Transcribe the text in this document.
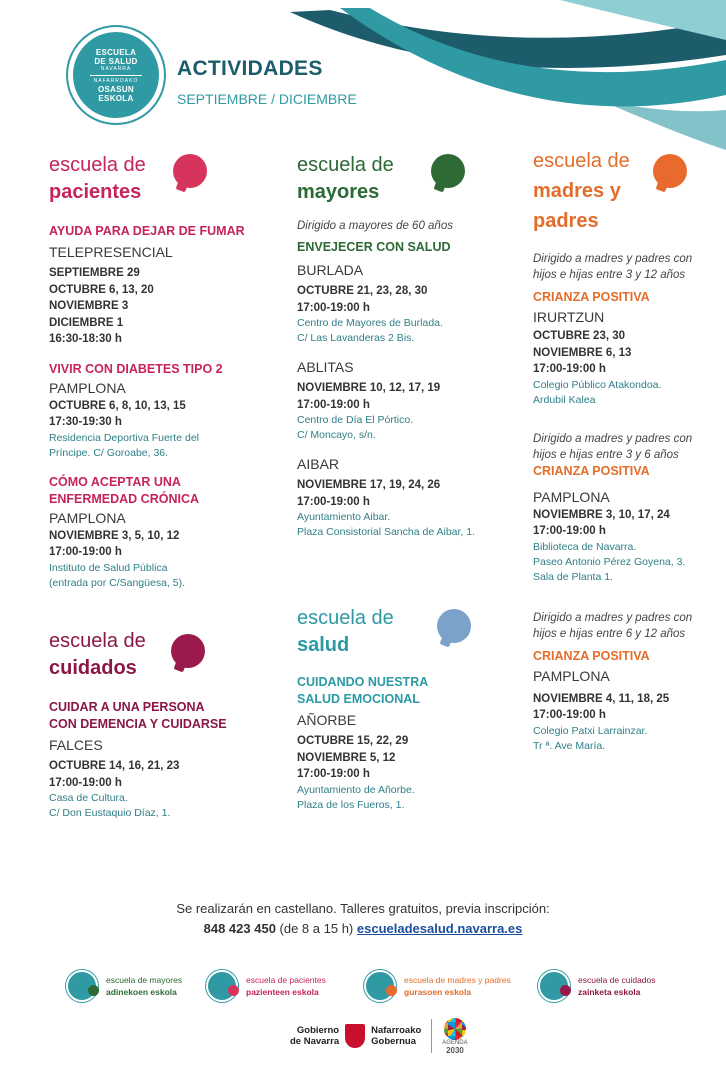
ESCUELA
DE SALUD
NAVARRA
NAFARROAKO
OSASUN
ESKOLA
ACTIVIDADES
SEPTIEMBRE / DICIEMBRE
escuela de
pacientes
AYUDA PARA DEJAR DE FUMAR
TELEPRESENCIAL
SEPTIEMBRE 29
OCTUBRE 6, 13, 20
NOVIEMBRE 3
DICIEMBRE 1
16:30-18:30 h
VIVIR CON DIABETES TIPO 2
PAMPLONA
OCTUBRE 6, 8, 10, 13, 15
17:30-19:30 h
Residencia Deportiva Fuerte del
Príncipe. C/ Goroabe, 36.
CÓMO ACEPTAR UNA
ENFERMEDAD CRÓNICA
PAMPLONA
NOVIEMBRE 3, 5, 10, 12
17:00-19:00 h
Instituto de Salud Pública
(entrada por C/Sangüesa, 5).
escuela de
cuidados
CUIDAR A UNA PERSONA
CON DEMENCIA Y CUIDARSE
FALCES
OCTUBRE 14, 16, 21, 23
17:00-19:00 h
Casa de Cultura.
C/ Don Eustaquio Díaz, 1.
escuela de
mayores
Dirigido a mayores de 60 años
ENVEJECER CON SALUD
BURLADA
OCTUBRE 21, 23, 28, 30
17:00-19:00 h
Centro de Mayores de Burlada.
C/ Las Lavanderas 2 Bis.
ABLITAS
NOVIEMBRE 10, 12, 17, 19
17:00-19:00 h
Centro de Día El Pórtico.
C/ Moncayo, s/n.
AIBAR
NOVIEMBRE 17, 19, 24, 26
17:00-19:00 h
Ayuntamiento Aibar.
Plaza Consistorial Sancha de Aibar, 1.
escuela de
salud
CUIDANDO NUESTRA
SALUD EMOCIONAL
AÑORBE
OCTUBRE 15, 22, 29
NOVIEMBRE 5, 12
17:00-19:00 h
Ayuntamiento de Añorbe.
Plaza de los Fueros, 1.
escuela de
madres y
padres
Dirigido a madres y padres con
hijos e hijas entre 3 y 12 años
CRIANZA POSITIVA
IRURTZUN
OCTUBRE 23, 30
NOVIEMBRE 6, 13
17:00-19:00 h
Colegio Público Atakondoa.
Ardubil Kalea
Dirigido a madres y padres con
hijos e hijas entre 3 y 6 años
CRIANZA POSITIVA
PAMPLONA
NOVIEMBRE 3, 10, 17, 24
17:00-19:00 h
Biblioteca de Navarra.
Paseo Antonio Pérez Goyena, 3.
Sala de Planta 1.
Dirigido a madres y padres con
hijos e hijas entre 6 y 12 años
CRIANZA POSITIVA
PAMPLONA
NOVIEMBRE 4, 11, 18, 25
17:00-19:00 h
Colegio Patxi Larrainzar.
Tr ª. Ave María.
Se realizarán en castellano. Talleres gratuitos, previa inscripción:
848 423 450 (de 8 a 15 h) escueladesalud.navarra.es
escuela de mayores
adinekoen eskola
escuela de pacientes
pazienteen eskola
escuela de madres y padres
gurasoen eskola
escuela de cuidados
zainketa eskola
Gobierno
de Navarra
Nafarroako
Gobernua	AGENDA
2030
